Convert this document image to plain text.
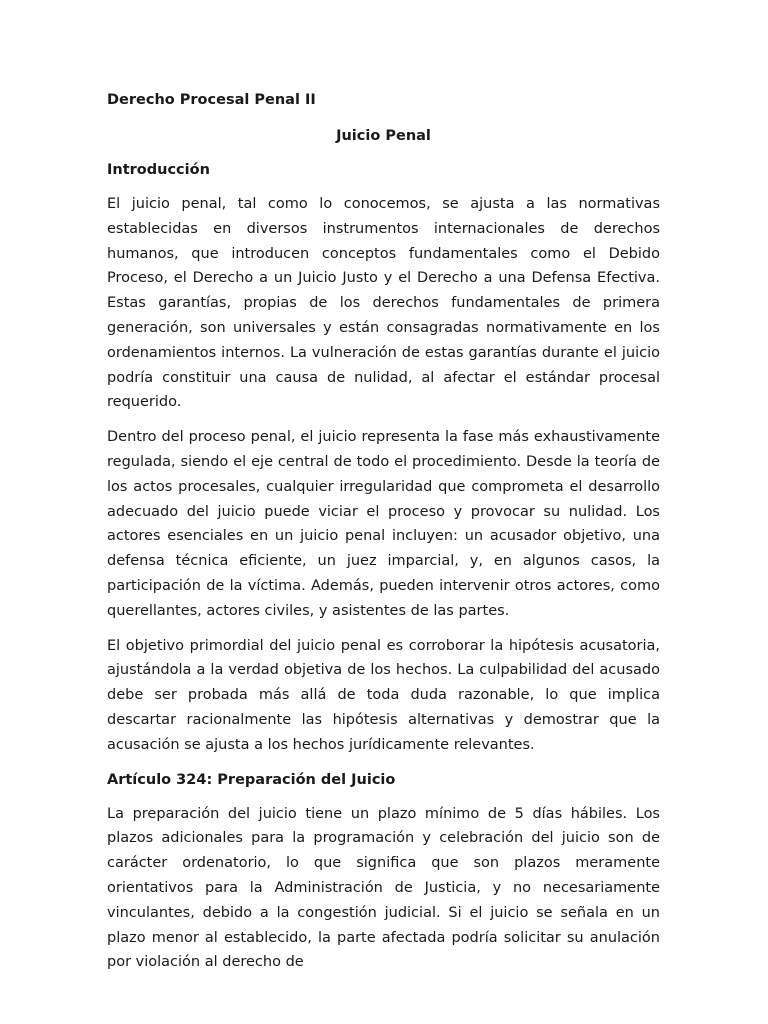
Derecho Procesal Penal II
Juicio Penal
Introducción

El juicio penal, tal como lo conocemos, se ajusta a las normativas establecidas en diversos instrumentos internacionales de derechos humanos, que introducen conceptos fundamentales como el Debido Proceso, el Derecho a un Juicio Justo y el Derecho a una Defensa Efectiva. Estas garantías, propias de los derechos fundamentales de primera generación, son universales y están consagradas normativamente en los ordenamientos internos. La vulneración de estas garantías durante el juicio podría constituir una causa de nulidad, al afectar el estándar procesal requerido.

Dentro del proceso penal, el juicio representa la fase más exhaustivamente regulada, siendo el eje central de todo el procedimiento. Desde la teoría de los actos procesales, cualquier irregularidad que comprometa el desarrollo adecuado del juicio puede viciar el proceso y provocar su nulidad. Los actores esenciales en un juicio penal incluyen: un acusador objetivo, una defensa técnica eficiente, un juez imparcial, y, en algunos casos, la participación de la víctima. Además, pueden intervenir otros actores, como querellantes, actores civiles, y asistentes de las partes.

El objetivo primordial del juicio penal es corroborar la hipótesis acusatoria, ajustándola a la verdad objetiva de los hechos. La culpabilidad del acusado debe ser probada más allá de toda duda razonable, lo que implica descartar racionalmente las hipótesis alternativas y demostrar que la acusación se ajusta a los hechos jurídicamente relevantes.

Artículo 324: Preparación del Juicio

La preparación del juicio tiene un plazo mínimo de 5 días hábiles. Los plazos adicionales para la programación y celebración del juicio son de carácter ordenatorio, lo que significa que son plazos meramente orientativos para la Administración de Justicia, y no necesariamente vinculantes, debido a la congestión judicial. Si el juicio se señala en un plazo menor al establecido, la parte afectada podría solicitar su anulación por violación al derecho de
